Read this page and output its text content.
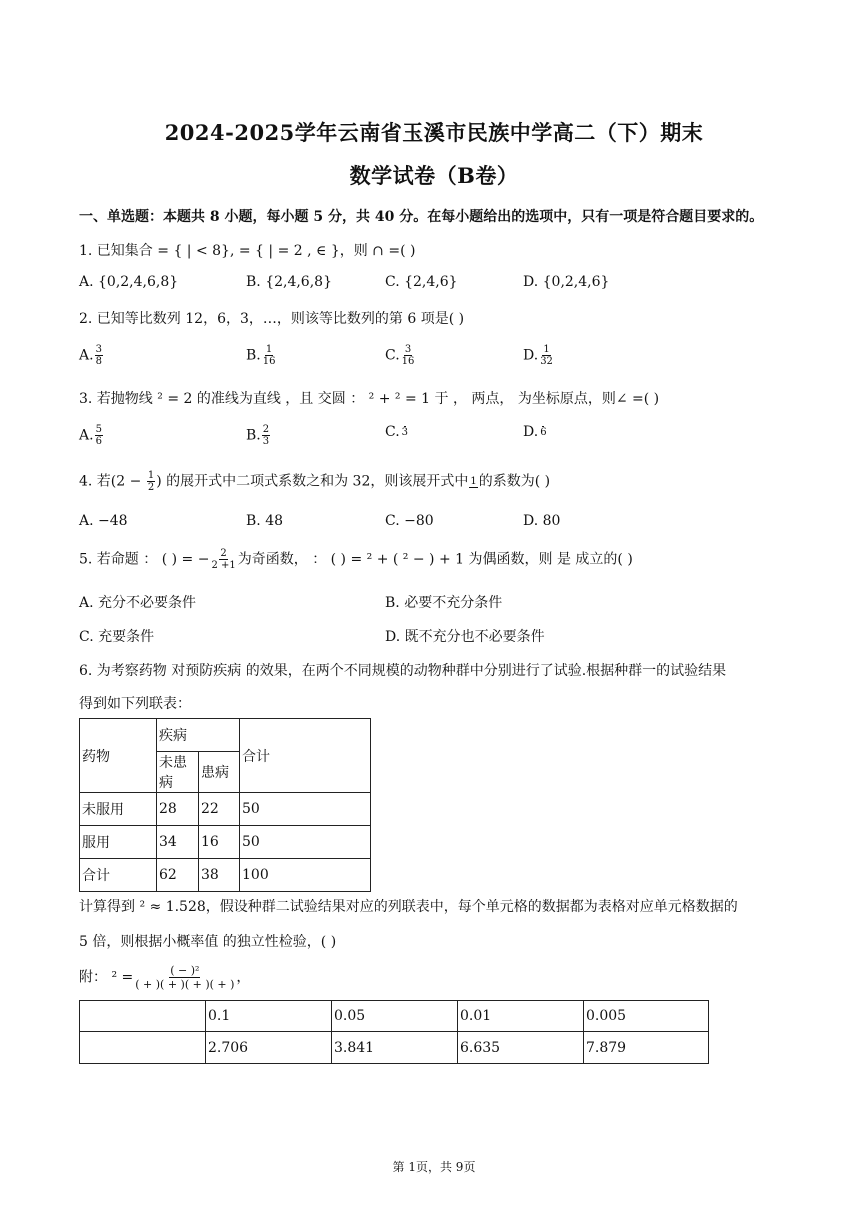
2024-2025学年云南省玉溪市民族中学高二（下）期末
数学试卷（B卷）
一、单选题：本题共 8 小题，每小题 5 分，共 40 分。在每小题给出的选项中，只有一项是符合题目要求的。
1. 已知集合 = { | < 8}, = { | = 2 , ∈ }，则 ∩ =( )
A. {0,2,4,6,8}	B. {2,4,6,8}	C. {2,4,6}	D. {0,2,4,6}
2. 已知等比数列 12，6，3，…，则该等比数列的第 6 项是( )
A. $\frac{3}{8}$	B. $\frac{1}{16}$	C. $\frac{3}{16}$	D. $\frac{1}{32}$
3. 若抛物线 ² = 2 的准线为直线 ，且 交圆 ： ² + ² = 1 于 ， 两点， 为坐标原点，则∠ =( )
A. $\frac{5}{6}$	B. $\frac{2}{3}$	C. 3	D. 6
4. 若($2 - \frac{1}{2}$ ) 的展开式中二项式系数之和为 32，则该展开式中 1 的系数为( )
A. −48	B. 48	C. −80	D. 80
5. 若命题 ： ( ) = − $\frac{2}{2 +1}$ 为奇函数， ： ( ) = ² + ( ² − ) + 1 为偶函数，则 是 成立的( )
A. 充分不必要条件	B. 必要不充分条件
C. 充要条件	D. 既不充分也不必要条件
6. 为考察药物 对预防疾病 的效果，在两个不同规模的动物种群中分别进行了试验.根据种群一的试验结果
得到如下列联表：
药物	疾病		合计
	未患病	患病	
未服用	28	22	50
服用	34	16	50
合计	62	38	100
计算得到 ² ≈ 1.528，假设种群二试验结果对应的列联表中，每个单元格的数据都为表格对应单元格数据的
5 倍，则根据小概率值 的独立性检验，( )
附： $^2 = \frac{\text{( − )²}}{( + )( + )( + )( + )}$ ，
	0.1	0.05	0.01	0.005
	2.706	3.841	6.635	7.879
第 1页，共 9页
